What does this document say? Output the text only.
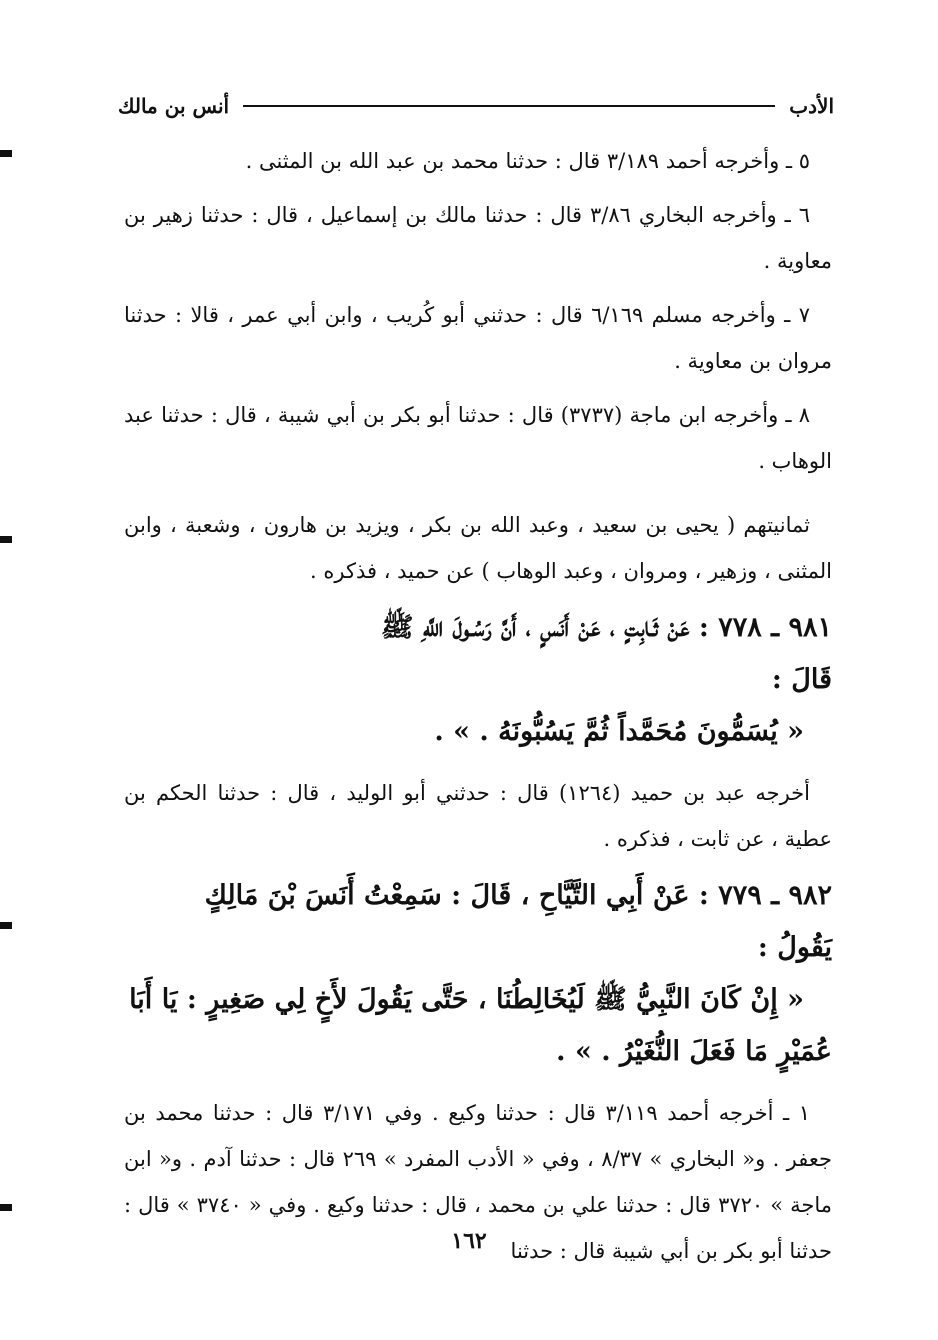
الأدب
أنس بن مالك

٥ ـ وأخرجه أحمد ٣/١٨٩ قال : حدثنا محمد بن عبد الله بن المثنى .

٦ ـ وأخرجه البخاري ٣/٨٦ قال : حدثنا مالك بن إسماعيل ، قال : حدثنا زهير بن معاوية .

٧ ـ وأخرجه مسلم ٦/١٦٩ قال : حدثني أبو كُريب ، وابن أبي عمر ، قالا : حدثنا مروان بن معاوية .

٨ ـ وأخرجه ابن ماجة (٣٧٣٧) قال : حدثنا أبو بكر بن أبي شيبة ، قال : حدثنا عبد الوهاب .

ثمانيتهم ( يحيى بن سعيد ، وعبد الله بن بكر ، ويزيد بن هارون ، وشعبة ، وابن المثنى ، وزهير ، ومروان ، وعبد الوهاب ) عن حميد ، فذكره .

٩٨١ ـ ٧٧٨ : عَنْ ثَـابِتٍ ، عَنْ أَنَسٍ ، أَنَّ رَسُـولَ اللَّهِ ﷺ
قَالَ :
« يُسَمُّونَ مُحَمَّداً ثُمَّ يَسُبُّونَهُ . » .

أخرجه عبد بن حميد (١٢٦٤) قال : حدثني أبو الوليد ، قال : حدثنا الحكم بن عطية ، عن ثابت ، فذكره .

٩٨٢ ـ ٧٧٩ : عَنْ أَبِي التَّيَّاحِ ، قَالَ : سَمِعْتُ أَنَسَ بْنَ مَالِكٍ
يَقُولُ :
« إِنْ كَانَ النَّبِيُّ ﷺ لَيُخَالِطُنَا ، حَتَّى يَقُولَ لأَخٍ لِي صَغِيرٍ : يَا أَبَا
عُمَيْرٍ مَا فَعَلَ النُّغَيْرُ . » .

١ ـ أخرجه أحمد ٣/١١٩ قال : حدثنا وكيع . وفي ٣/١٧١ قال : حدثنا محمد بن جعفر . و« البخاري » ٨/٣٧ ، وفي « الأدب المفرد » ٢٦٩ قال : حدثنا آدم . و« ابن ماجة » ٣٧٢٠ قال : حدثنا علي بن محمد ، قال : حدثنا وكيع . وفي « ٣٧٤٠ » قال : حدثنا أبو بكر بن أبي شيبة قال : حدثنا

١٦٢
